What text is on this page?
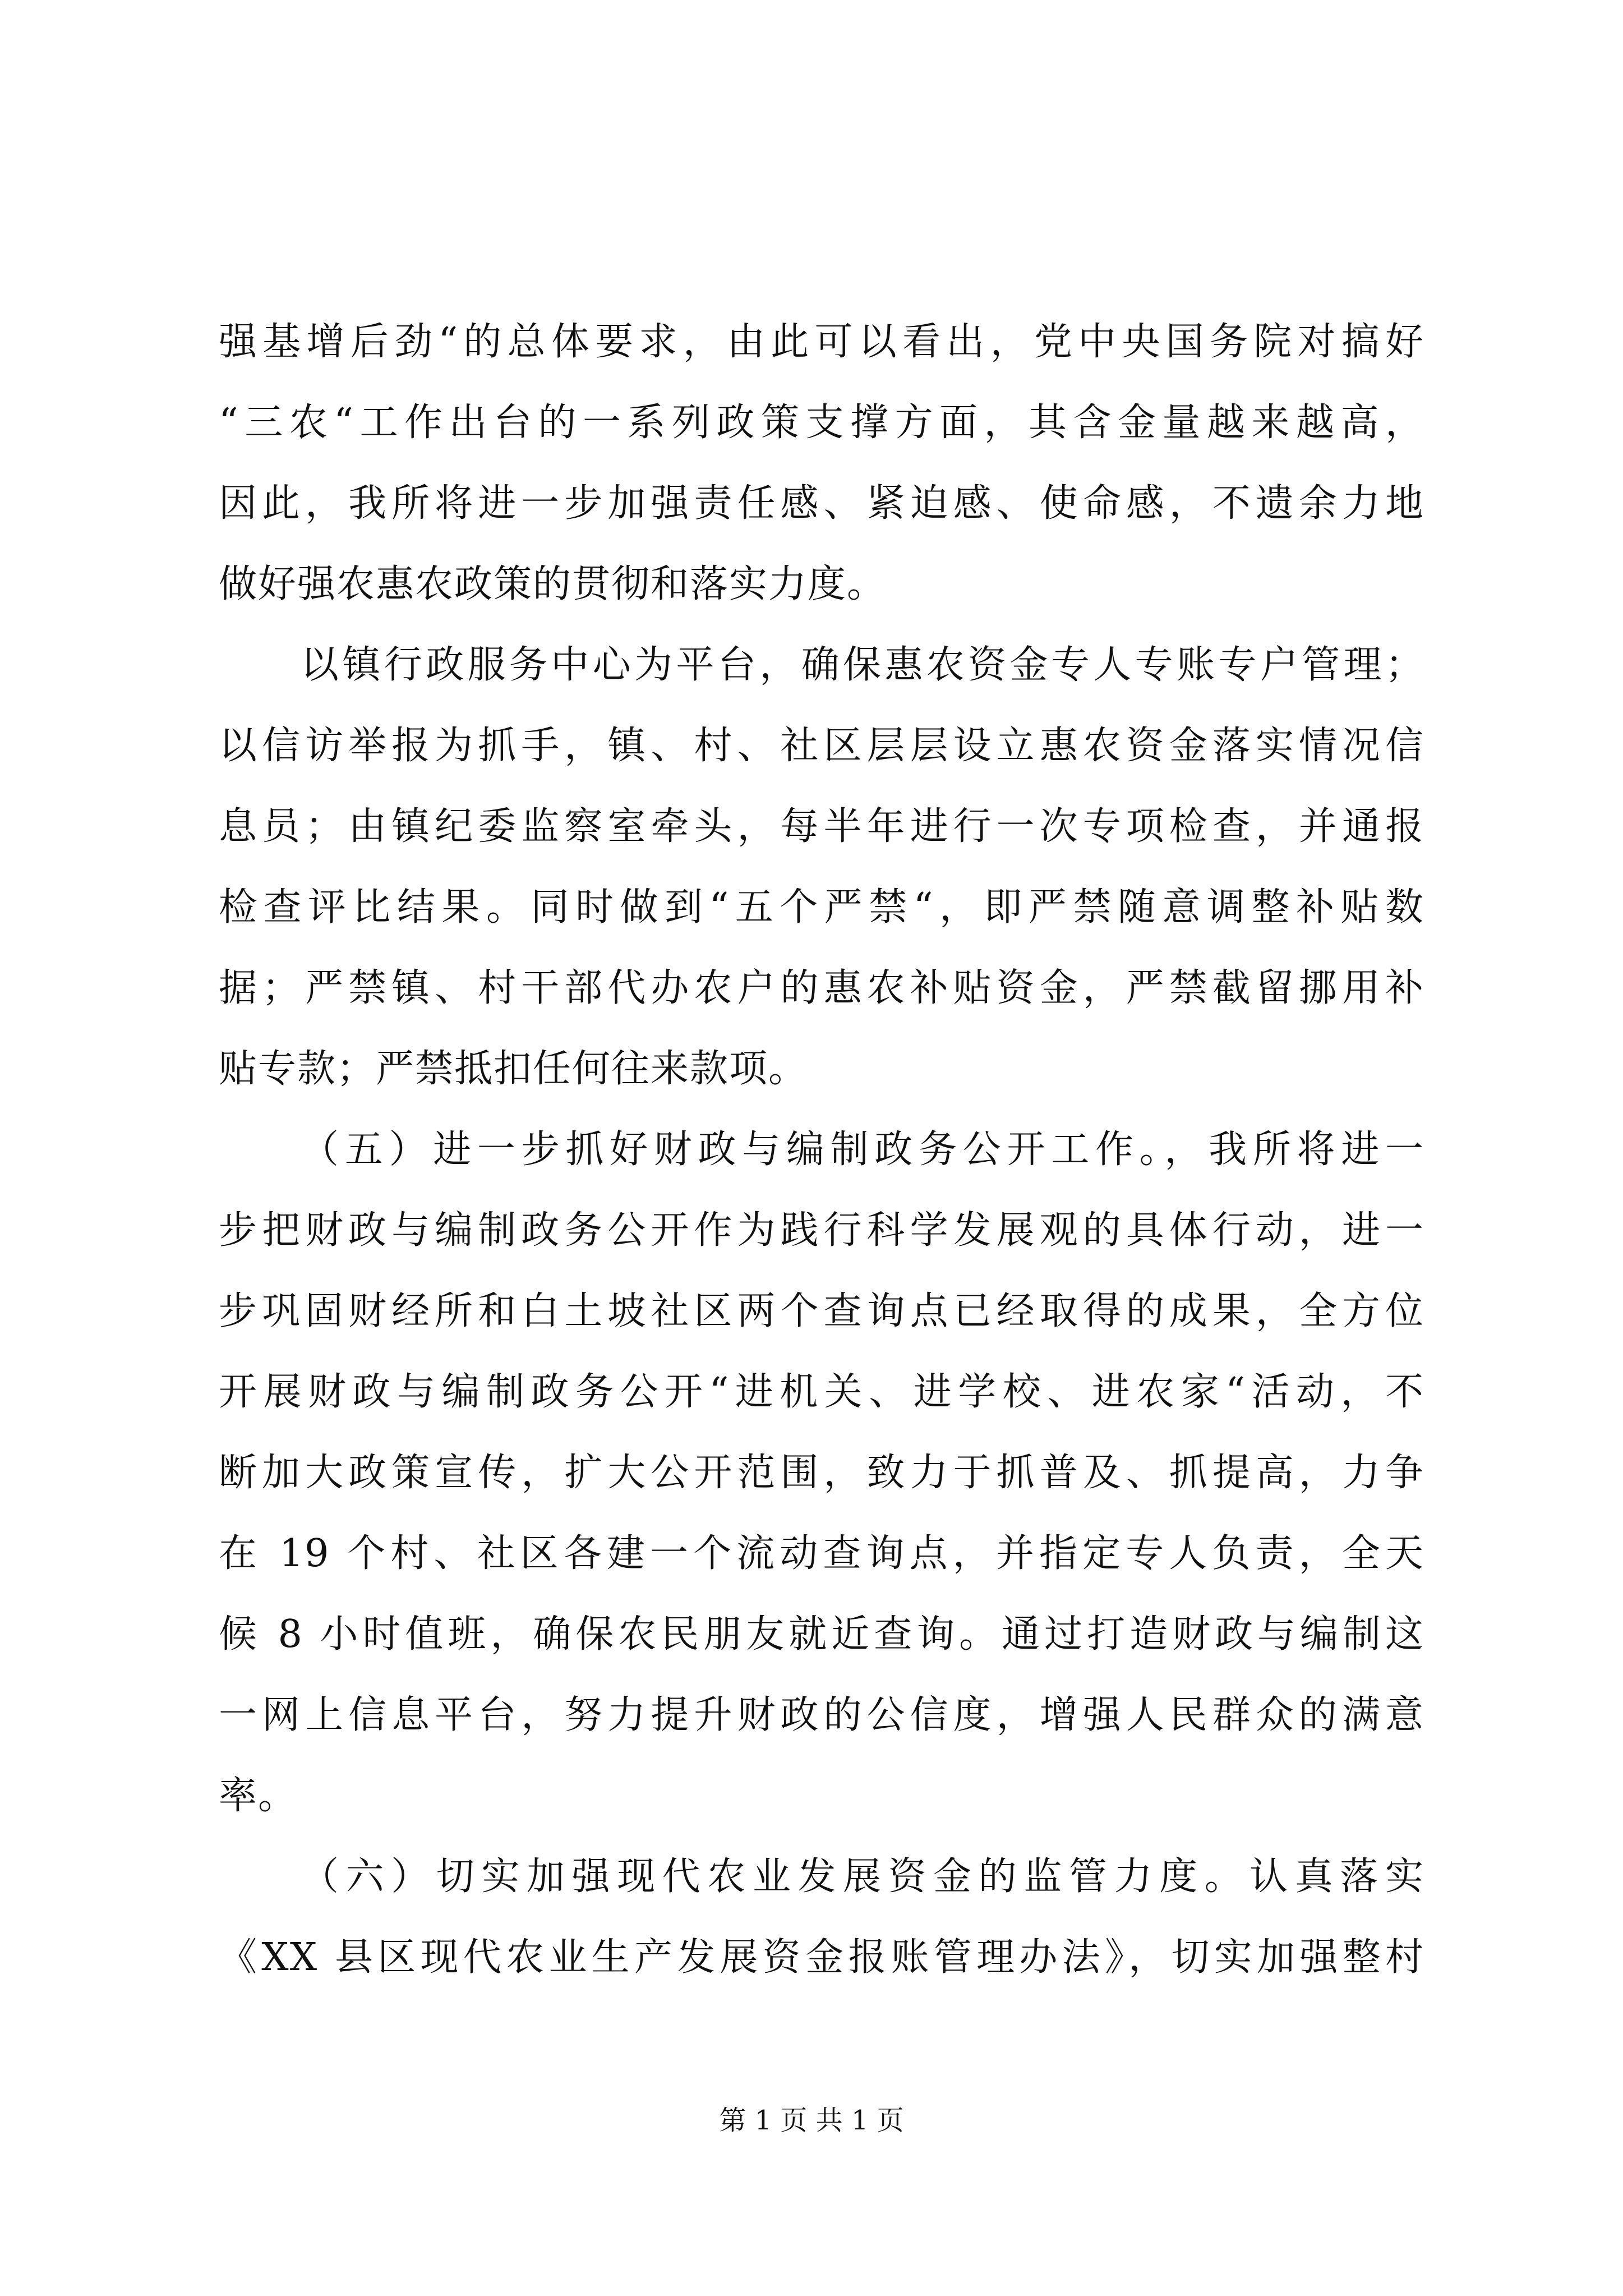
强基增后劲“的总体要求，由此可以看出，党中央国务院对搞好
“三农“工作出台的一系列政策支撑方面，其含金量越来越高，
因此，我所将进一步加强责任感、紧迫感、使命感，不遗余力地
做好强农惠农政策的贯彻和落实力度。
以镇行政服务中心为平台，确保惠农资金专人专账专户管理；
以信访举报为抓手，镇、村、社区层层设立惠农资金落实情况信
息员；由镇纪委监察室牵头，每半年进行一次专项检查，并通报
检查评比结果。同时做到“五个严禁“，即严禁随意调整补贴数
据；严禁镇、村干部代办农户的惠农补贴资金，严禁截留挪用补
贴专款；严禁抵扣任何往来款项。
（五）进一步抓好财政与编制政务公开工作。，我所将进一
步把财政与编制政务公开作为践行科学发展观的具体行动，进一
步巩固财经所和白土坡社区两个查询点已经取得的成果，全方位
开展财政与编制政务公开“进机关、进学校、进农家“活动，不
断加大政策宣传，扩大公开范围，致力于抓普及、抓提高，力争
在 19 个村、社区各建一个流动查询点，并指定专人负责，全天
候 8 小时值班，确保农民朋友就近查询。通过打造财政与编制这
一网上信息平台，努力提升财政的公信度，增强人民群众的满意
率。
（六）切实加强现代农业发展资金的监管力度。认真落实
《XX 县区现代农业生产发展资金报账管理办法》，切实加强整村
第 1 页 共 1 页
